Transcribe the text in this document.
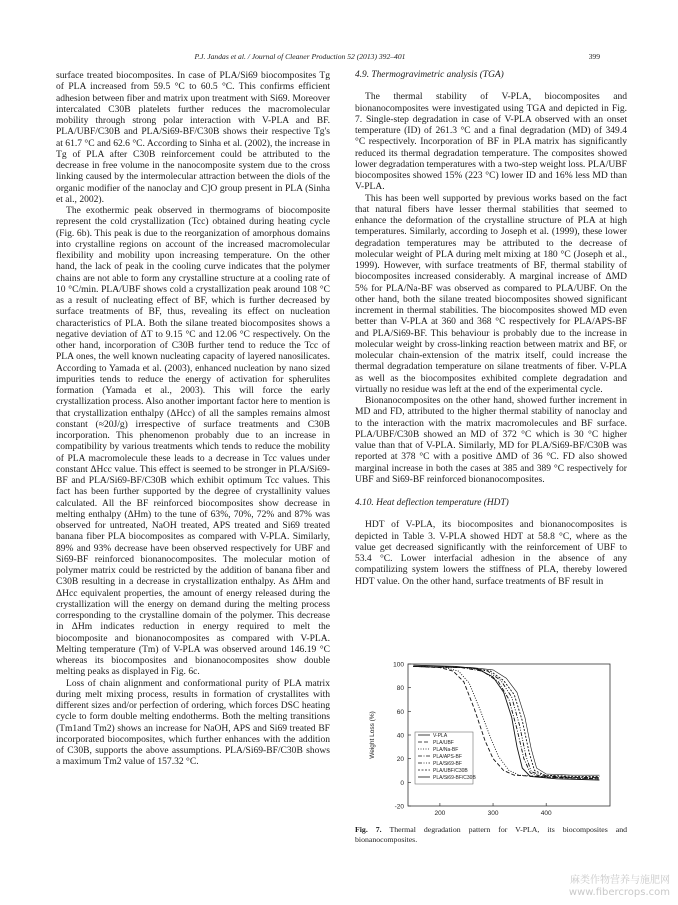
P.J. Jandas et al. / Journal of Cleaner Production 52 (2013) 392–401	399

surface treated biocomposites. In case of PLA/Si69 biocomposites Tg of PLA increased from 59.5 °C to 60.5 °C. This confirms efficient adhesion between fiber and matrix upon treatment with Si69. Moreover intercalated C30B platelets further reduces the macromolecular mobility through strong polar interaction with V-PLA and BF. PLA/UBF/C30B and PLA/Si69-BF/C30B shows their respective Tg's at 61.7 °C and 62.6 °C. According to Sinha et al. (2002), the increase in Tg of PLA after C30B reinforcement could be attributed to the decrease in free volume in the nanocomposite system due to the cross linking caused by the intermolecular attraction between the diols of the organic modifier of the nanoclay and C]O group present in PLA (Sinha et al., 2002).

The exothermic peak observed in thermograms of biocomposite represent the cold crystallization (Tcc) obtained during heating cycle (Fig. 6b). This peak is due to the reorganization of amorphous domains into crystalline regions on account of the increased macromolecular flexibility and mobility upon increasing temperature. On the other hand, the lack of peak in the cooling curve indicates that the polymer chains are not able to form any crystalline structure at a cooling rate of 10 °C/min. PLA/UBF shows cold a crystallization peak around 108 °C as a result of nucleating effect of BF, which is further decreased by surface treatments of BF, thus, revealing its effect on nucleation characteristics of PLA. Both the silane treated biocomposites shows a negative deviation of ΔT to 9.15 °C and 12.06 °C respectively. On the other hand, incorporation of C30B further tend to reduce the Tcc of PLA ones, the well known nucleating capacity of layered nanosilicates. According to Yamada et al. (2003), enhanced nucleation by nano sized impurities tends to reduce the energy of activation for spherulites formation (Yamada et al., 2003). This will force the early crystallization process. Also another important factor here to mention is that crystallization enthalpy (ΔHcc) of all the samples remains almost constant (≈20J/g) irrespective of surface treatments and C30B incorporation. This phenomenon probably due to an increase in compatibility by various treatments which tends to reduce the mobility of PLA macromolecule these leads to a decrease in Tcc values under constant ΔHcc value. This effect is seemed to be stronger in PLA/Si69-BF and PLA/Si69-BF/C30B which exhibit optimum Tcc values. This fact has been further supported by the degree of crystallinity values calculated. All the BF reinforced biocomposites show decrease in melting enthalpy (ΔHm) to the tune of 63%, 70%, 72% and 87% was observed for untreated, NaOH treated, APS treated and Si69 treated banana fiber PLA biocomposites as compared with V-PLA. Similarly, 89% and 93% decrease have been observed respectively for UBF and Si69-BF reinforced bionanocomposites. The molecular motion of polymer matrix could be restricted by the addition of banana fiber and C30B resulting in a decrease in crystallization enthalpy. As ΔHm and ΔHcc equivalent properties, the amount of energy released during the crystallization will the energy on demand during the melting process corresponding to the crystalline domain of the polymer. This decrease in ΔHm indicates reduction in energy required to melt the biocomposite and bionanocomposites as compared with V-PLA. Melting temperature (Tm) of V-PLA was observed around 146.19 °C whereas its biocomposites and bionanocomposites show double melting peaks as displayed in Fig. 6c.

Loss of chain alignment and conformational purity of PLA matrix during melt mixing process, results in formation of crystallites with different sizes and/or perfection of ordering, which forces DSC heating cycle to form double melting endotherms. Both the melting transitions (Tm1and Tm2) shows an increase for NaOH, APS and Si69 treated BF incorporated biocomposites, which further enhances with the addition of C30B, supports the above assumptions. PLA/Si69-BF/C30B shows a maximum Tm2 value of 157.32 °C.

4.9. Thermogravimetric analysis (TGA)

The thermal stability of V-PLA, biocomposites and bionanocomposites were investigated using TGA and depicted in Fig. 7. Single-step degradation in case of V-PLA observed with an onset temperature (ID) of 261.3 °C and a final degradation (MD) of 349.4 °C respectively. Incorporation of BF in PLA matrix has significantly reduced its thermal degradation temperature. The composites showed lower degradation temperatures with a two-step weight loss. PLA/UBF biocomposites showed 15% (223 °C) lower ID and 16% less MD than V-PLA.

This has been well supported by previous works based on the fact that natural fibers have lesser thermal stabilities that seemed to enhance the deformation of the crystalline structure of PLA at high temperatures. Similarly, according to Joseph et al. (1999), these lower degradation temperatures may be attributed to the decrease of molecular weight of PLA during melt mixing at 180 °C (Joseph et al., 1999). However, with surface treatments of BF, thermal stability of biocomposites increased considerably. A marginal increase of ΔMD 5% for PLA/Na-BF was observed as compared to PLA/UBF. On the other hand, both the silane treated biocomposites showed significant increment in thermal stabilities. The biocomposites showed MD even better than V-PLA at 360 and 368 °C respectively for PLA/APS-BF and PLA/Si69-BF. This behaviour is probably due to the increase in molecular weight by cross-linking reaction between matrix and BF, or molecular chain-extension of the matrix itself, could increase the thermal degradation temperature on silane treatments of fiber. V-PLA as well as the biocomposites exhibited complete degradation and virtually no residue was left at the end of the experimental cycle.

Bionanocomposites on the other hand, showed further increment in MD and FD, attributed to the higher thermal stability of nanoclay and to the interaction with the matrix macromolecules and BF surface. PLA/UBF/C30B showed an MD of 372 °C which is 30 °C higher value than that of V-PLA. Similarly, MD for PLA/Si69-BF/C30B was reported at 378 °C with a positive ΔMD of 36 °C. FD also showed marginal increase in both the cases at 385 and 389 °C respectively for UBF and Si69-BF reinforced bionanocomposites.

4.10. Heat deflection temperature (HDT)

HDT of V-PLA, its biocomposites and bionanocomposites is depicted in Table 3. V-PLA showed HDT at 58.8 °C, where as the value get decreased significantly with the reinforcement of UBF to 53.4 °C. Lower interfacial adhesion in the absence of any compatilizing system lowers the stiffness of PLA, thereby lowered HDT value. On the other hand, surface treatments of BF result in

-20
0
20
40
60
80
100
200	300	400
Weight Loss (%)	V-PLA
PLA/UBF
PLA/Na-BF
PLA/APS-BF
PLA/Si69-BF
PLA/UBF/C30B
PLA/Si69-BF/C30B
Fig. 7. Thermal degradation pattern for V-PLA, its biocomposites and bionanocomposites.
麻类作物营养与施肥网
www.fibercrops.com
